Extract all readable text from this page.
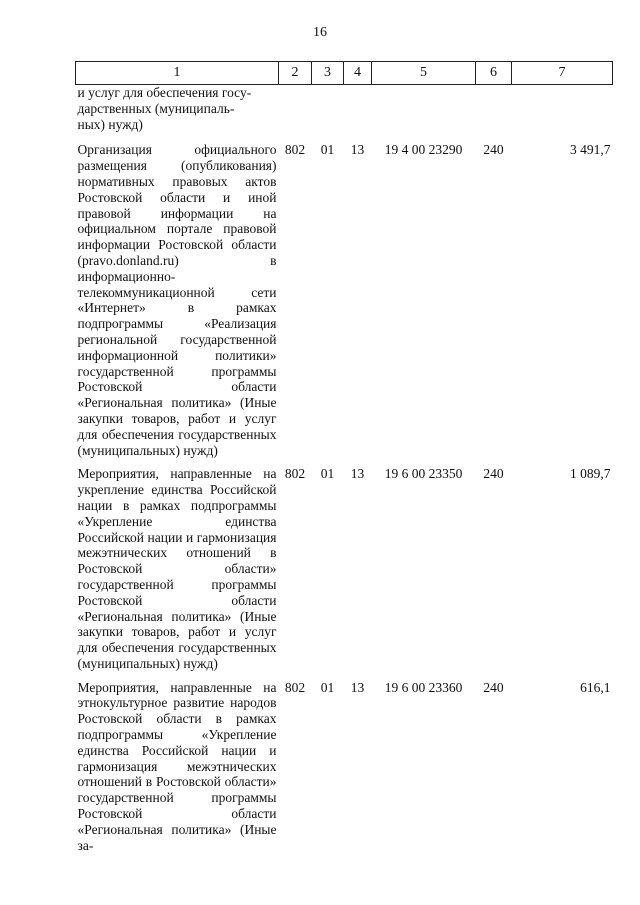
16
1	2	3	4	5	6	7
и услуг для обеспечения госу-
дарственных (муниципаль-
ных) нужд)						
Организация официального размещения (опубликования) нормативных правовых актов Ростовской области и иной правовой информации на официальном портале правовой информации Ростовской области (pravo.donland.ru) в информационно-телекоммуникационной сети «Интернет» в рамках подпрограммы «Реализация региональной государственной информационной политики» государственной программы Ростовской области «Региональная политика» (Иные закупки товаров, работ и услуг для обеспечения государственных (муниципальных) нужд)	802	01	13	19 4 00 23290	240	3 491,7
Мероприятия, направленные на укрепление единства Российской нации в рамках подпрограммы «Укрепление единства Российской нации и гармонизация межэтнических отношений в Ростовской области» государственной программы Ростовской области «Региональная политика» (Иные закупки товаров, работ и услуг для обеспечения государственных (муниципальных) нужд)	802	01	13	19 6 00 23350	240	1 089,7
Мероприятия, направленные на этнокультурное развитие народов Ростовской области в рамках подпрограммы «Укрепление единства Российской нации и гармонизация межэтнических отношений в Ростовской области» государственной программы Ростовской области «Региональная политика» (Иные за-	802	01	13	19 6 00 23360	240	616,1
